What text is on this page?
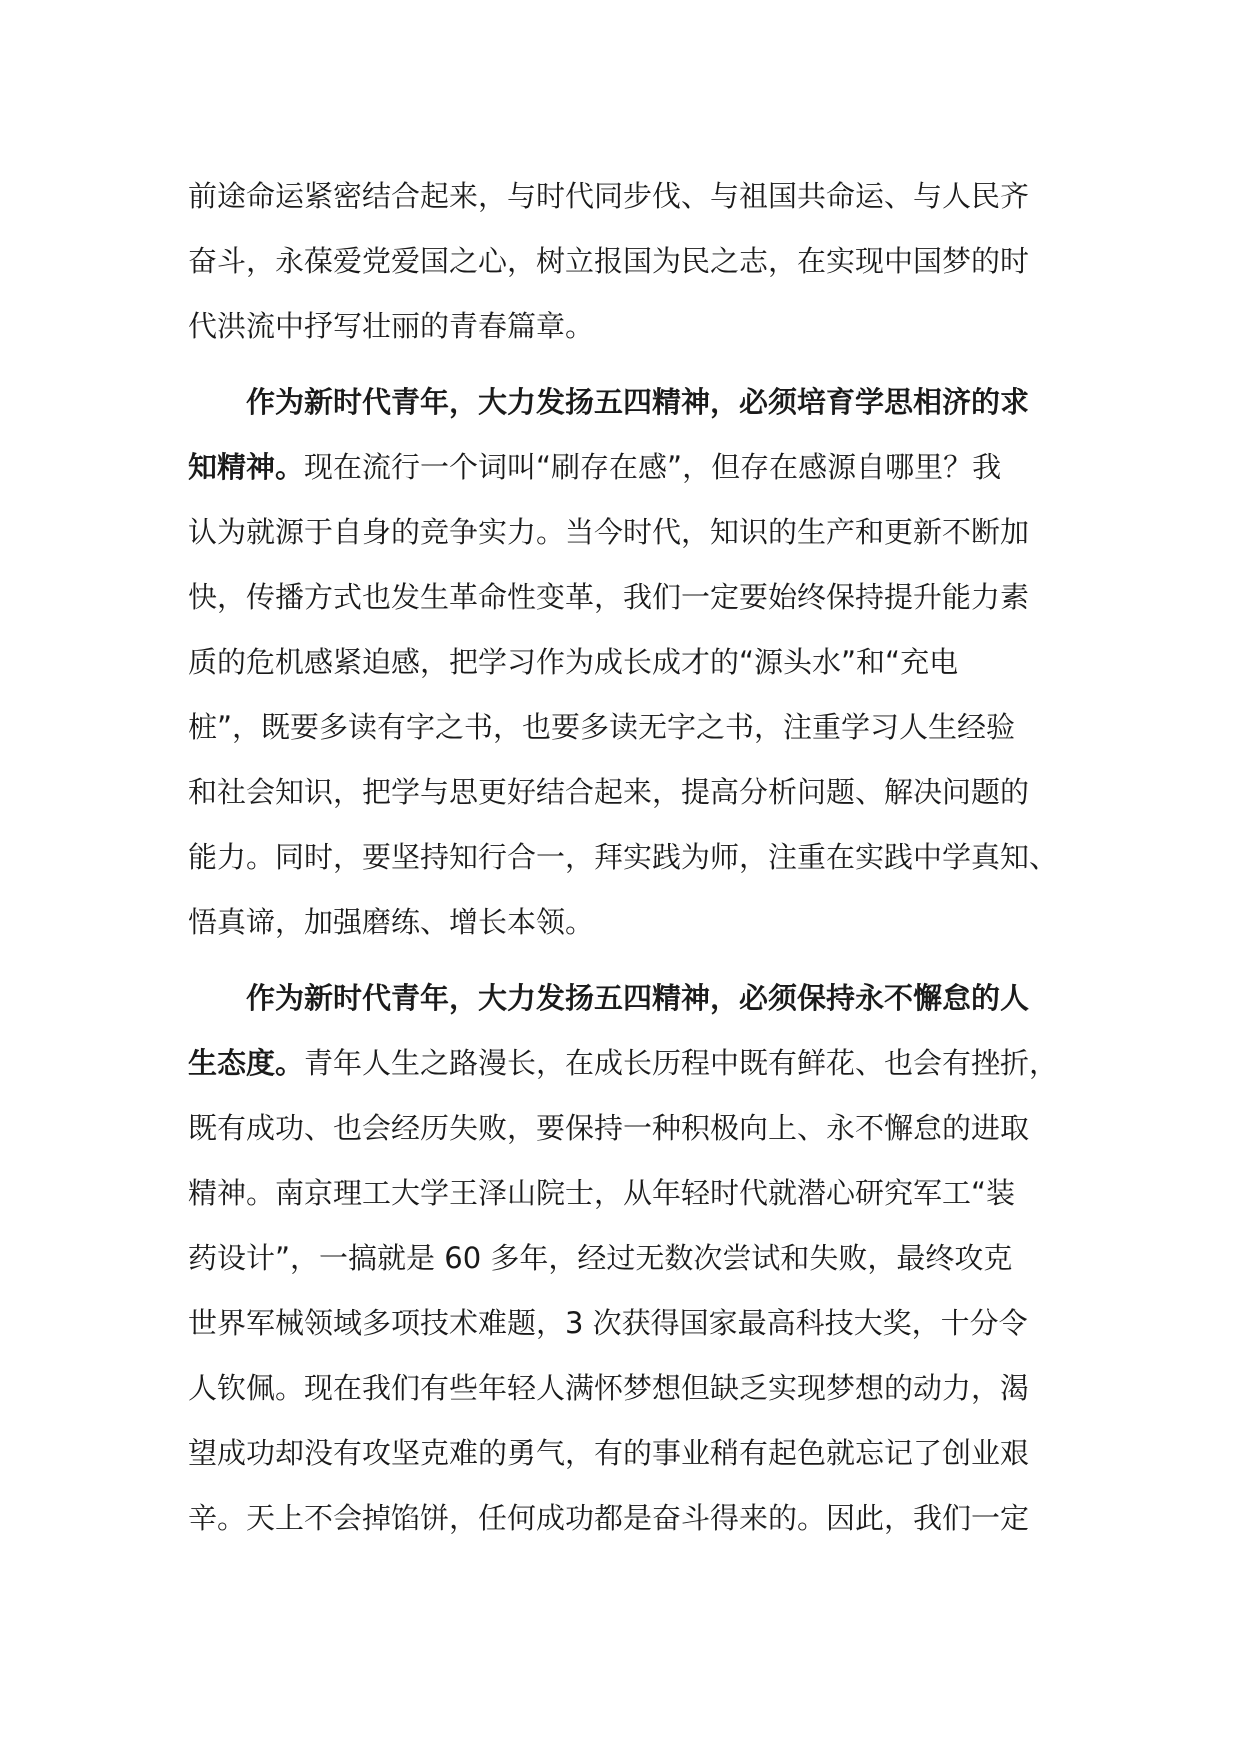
前途命运紧密结合起来，与时代同步伐、与祖国共命运、与人民齐
奋斗，永葆爱党爱国之心，树立报国为民之志，在实现中国梦的时
代洪流中抒写壮丽的青春篇章。
作为新时代青年，大力发扬五四精神，必须培育学思相济的求
知精神。现在流行一个词叫“刷存在感”，但存在感源自哪里？我
认为就源于自身的竞争实力。当今时代，知识的生产和更新不断加
快，传播方式也发生革命性变革，我们一定要始终保持提升能力素
质的危机感紧迫感，把学习作为成长成才的“源头水”和“充电
桩”，既要多读有字之书，也要多读无字之书，注重学习人生经验
和社会知识，把学与思更好结合起来，提高分析问题、解决问题的
能力。同时，要坚持知行合一，拜实践为师，注重在实践中学真知、
悟真谛，加强磨练、增长本领。
作为新时代青年，大力发扬五四精神，必须保持永不懈怠的人
生态度。青年人生之路漫长，在成长历程中既有鲜花、也会有挫折，
既有成功、也会经历失败，要保持一种积极向上、永不懈怠的进取
精神。南京理工大学王泽山院士，从年轻时代就潜心研究军工“装
药设计”，一搞就是 60 多年，经过无数次尝试和失败，最终攻克
世界军械领域多项技术难题，3 次获得国家最高科技大奖，十分令
人钦佩。现在我们有些年轻人满怀梦想但缺乏实现梦想的动力，渴
望成功却没有攻坚克难的勇气，有的事业稍有起色就忘记了创业艰
辛。天上不会掉馅饼，任何成功都是奋斗得来的。因此，我们一定
